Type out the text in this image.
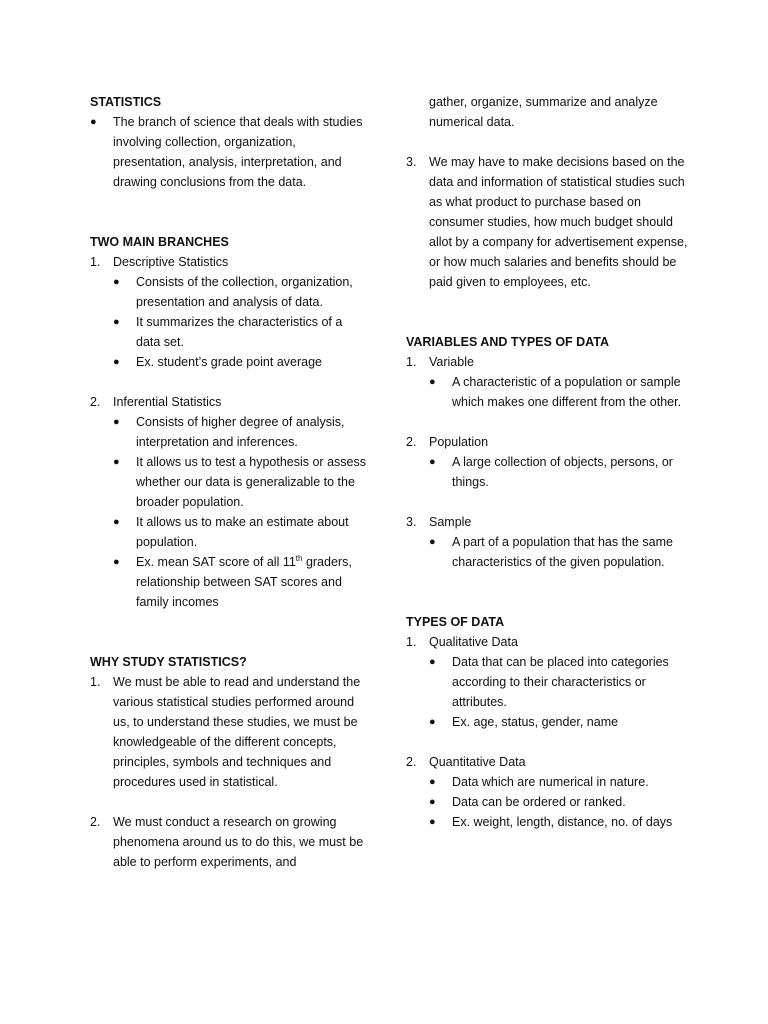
STATISTICS
● The branch of science that deals with studies involving collection, organization, presentation, analysis, interpretation, and drawing conclusions from the data.
TWO MAIN BRANCHES
1. Descriptive Statistics
● Consists of the collection, organization, presentation and analysis of data.
● It summarizes the characteristics of a data set.
● Ex. student’s grade point average
2. Inferential Statistics
● Consists of higher degree of analysis, interpretation and inferences.
● It allows us to test a hypothesis or assess whether our data is generalizable to the broader population.
● It allows us to make an estimate about population.
● Ex. mean SAT score of all 11th graders, relationship between SAT scores and family incomes
WHY STUDY STATISTICS?
1.	We must be able to read and understand the various statistical studies performed around us, to understand these studies, we must be knowledgeable of the different concepts, principles, symbols and techniques and procedures used in statistical.
2.	We must conduct a research on growing phenomena around us to do this, we must be able to perform experiments, and
gather, organize, summarize and analyze numerical data.
3.	We may have to make decisions based on the data and information of statistical studies such as what product to purchase based on consumer studies, how much budget should allot by a company for advertisement expense, or how much salaries and benefits should be paid given to employees, etc.
VARIABLES AND TYPES OF DATA
1. Variable
● A characteristic of a population or sample which makes one different from the other.
2. Population
● A large collection of objects, persons, or things.
3. Sample
● A part of a population that has the same characteristics of the given population.
TYPES OF DATA
1. Qualitative Data
● Data that can be placed into categories according to their characteristics or attributes.
● Ex. age, status, gender, name
2. Quantitative Data
● Data which are numerical in nature.
● Data can be ordered or ranked.
● Ex. weight, length, distance, no. of days
